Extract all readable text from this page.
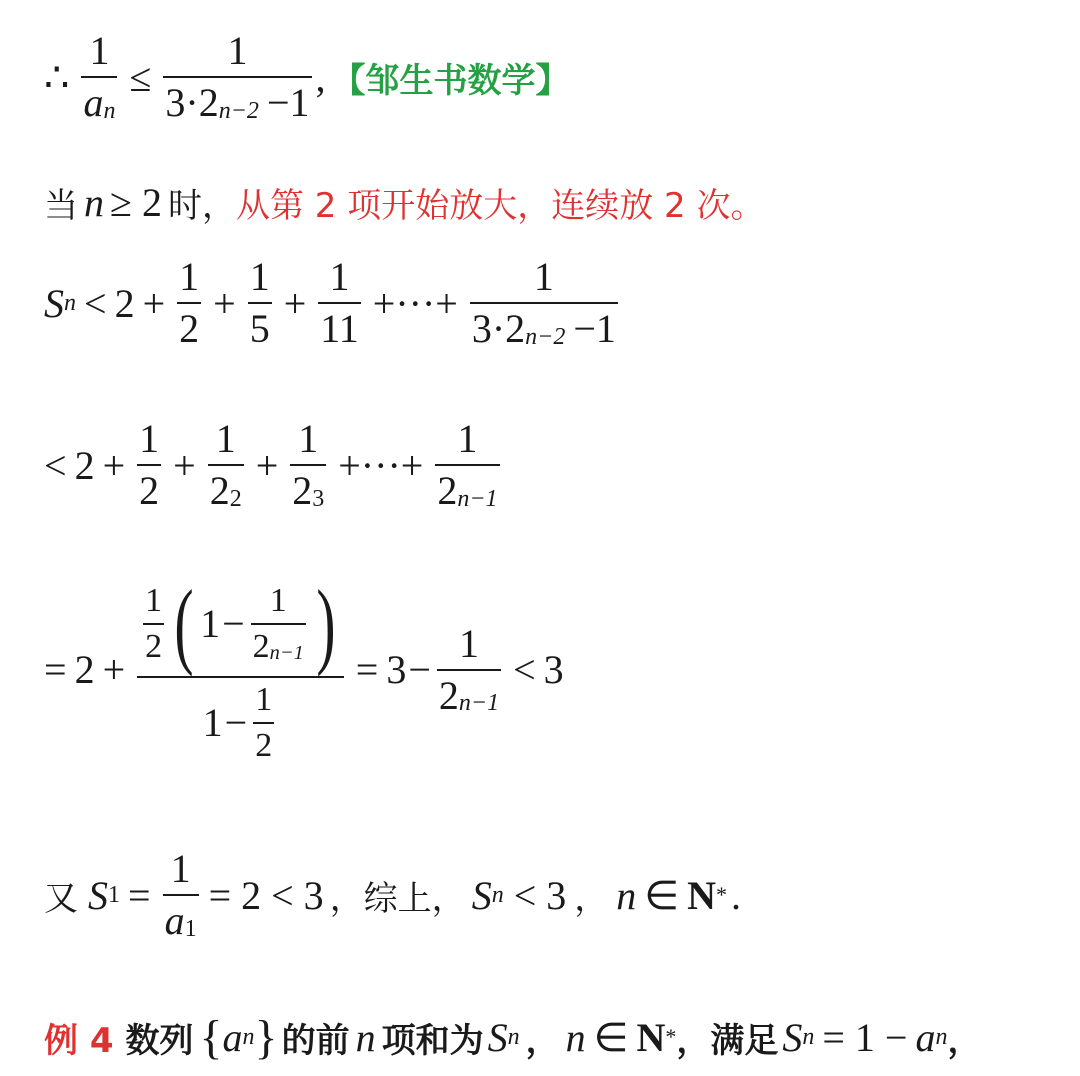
∴ $\frac{1}{a_n} \le \frac{1}{3\cdot 2_{n-2} -1}$ , 【邹生书数学】
当 n ≥ 2 时， 从第 2 项开始放大，连续放 2 次。
S $n < 2 + \frac{1}{2} + \frac{1}{5} + \frac{1}{11}$ +···+ $\frac{1}{3\cdot 2_{n-2} -1}$
< $2 + \frac{1}{2} + \frac{1}{2_2} + \frac{1}{2_3}$ +···+ $\frac{1}{2_{n-1}}$
= 2 +
$\frac{1}{2}$ ( $1 - \frac{1}{2_{n-1}}$ )
$1 - \frac{1}{2}$
= $3 - \frac{1}{2_{n-1}} < 3$
又 S $1 = \frac{1}{a_1} = 2 < 3$ ，综上， S n < 3 ， n ∈ N * .
例 4 数列 { a n } 的前 n 项和为 S n ， n ∈ N * ，满足 S n = 1 − a n ，
